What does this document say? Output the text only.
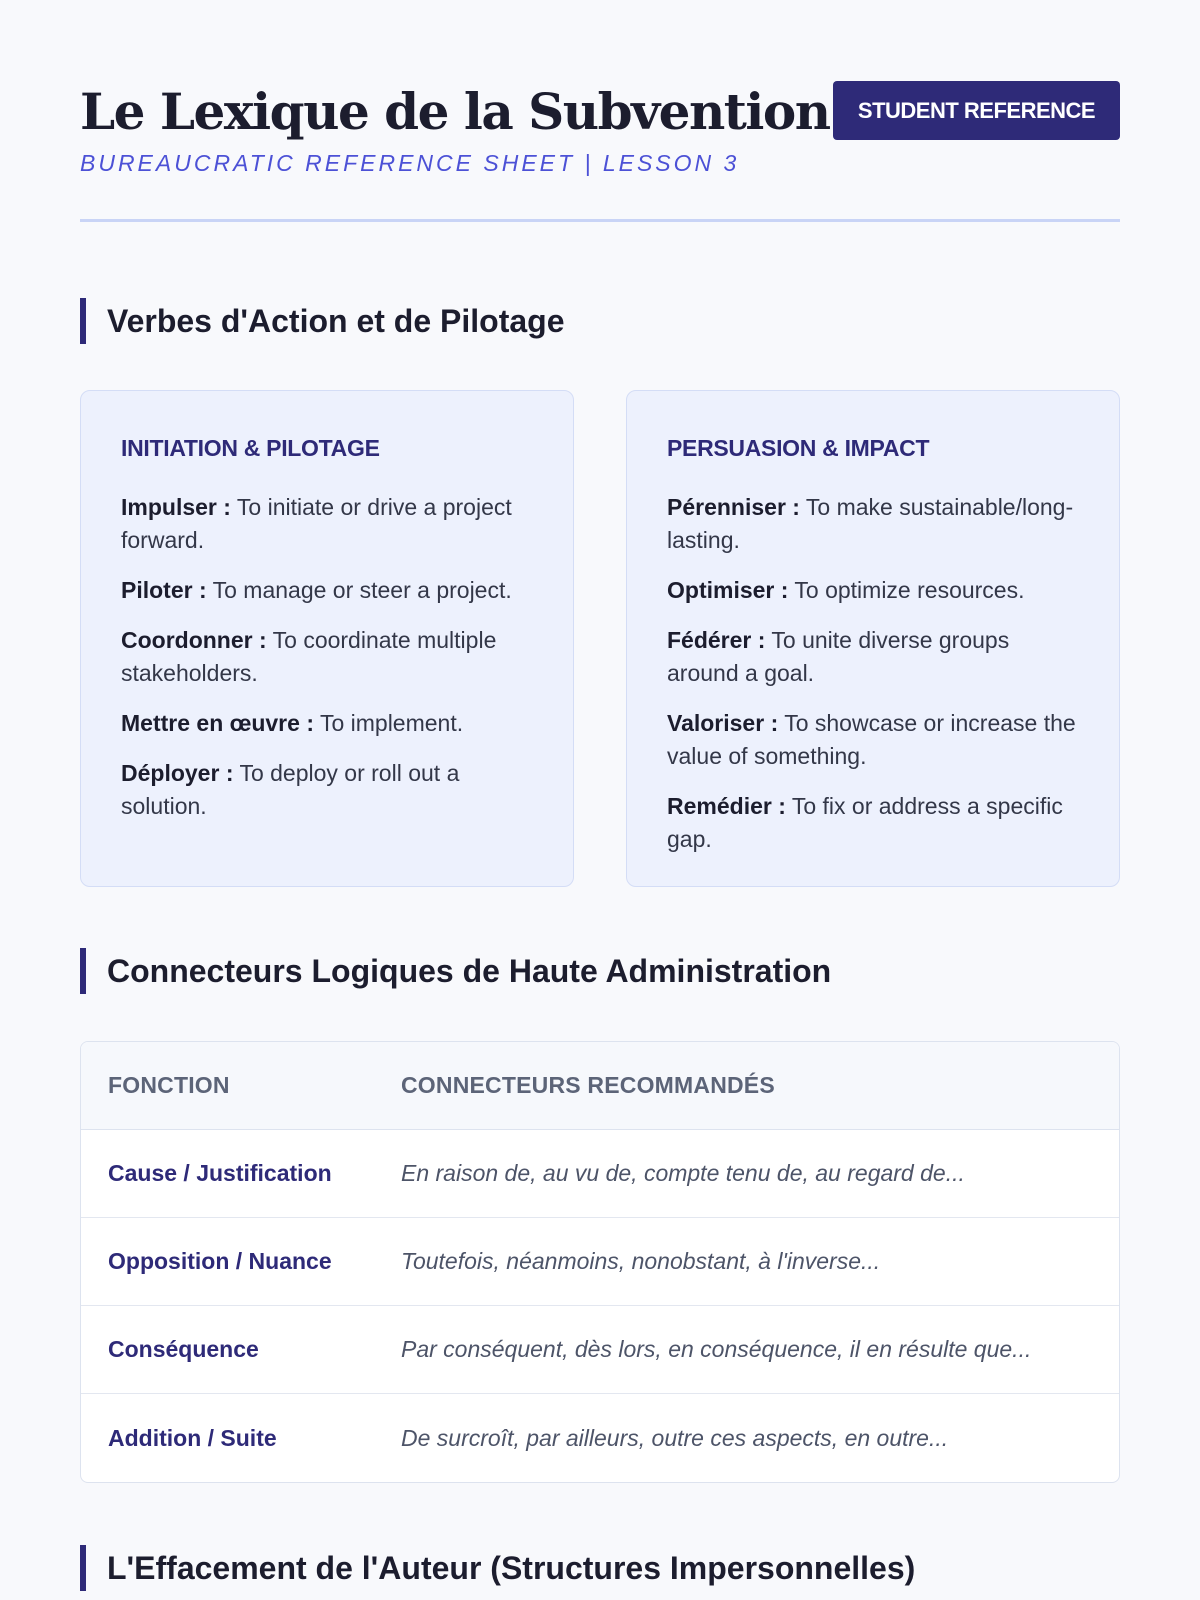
Le Lexique de la Subvention
BUREAUCRATIC REFERENCE SHEET | LESSON 3
STUDENT REFERENCE
Verbes d'Action et de Pilotage
INITIATION & PILOTAGE

Impulser : To initiate or drive a project forward.

Piloter : To manage or steer a project.

Coordonner : To coordinate multiple stakeholders.

Mettre en œuvre : To implement.

Déployer : To deploy or roll out a solution.

PERSUASION & IMPACT

Pérenniser : To make sustainable/long-lasting.

Optimiser : To optimize resources.

Fédérer : To unite diverse groups around a goal.

Valoriser : To showcase or increase the value of something.

Remédier : To fix or address a specific gap.

Connecteurs Logiques de Haute Administration
FONCTION	CONNECTEURS RECOMMANDÉS
Cause / Justification	En raison de, au vu de, compte tenu de, au regard de...
Opposition / Nuance	Toutefois, néanmoins, nonobstant, à l'inverse...
Conséquence	Par conséquent, dès lors, en conséquence, il en résulte que...
Addition / Suite	De surcroît, par ailleurs, outre ces aspects, en outre...
L'Effacement de l'Auteur (Structures Impersonnelles)
